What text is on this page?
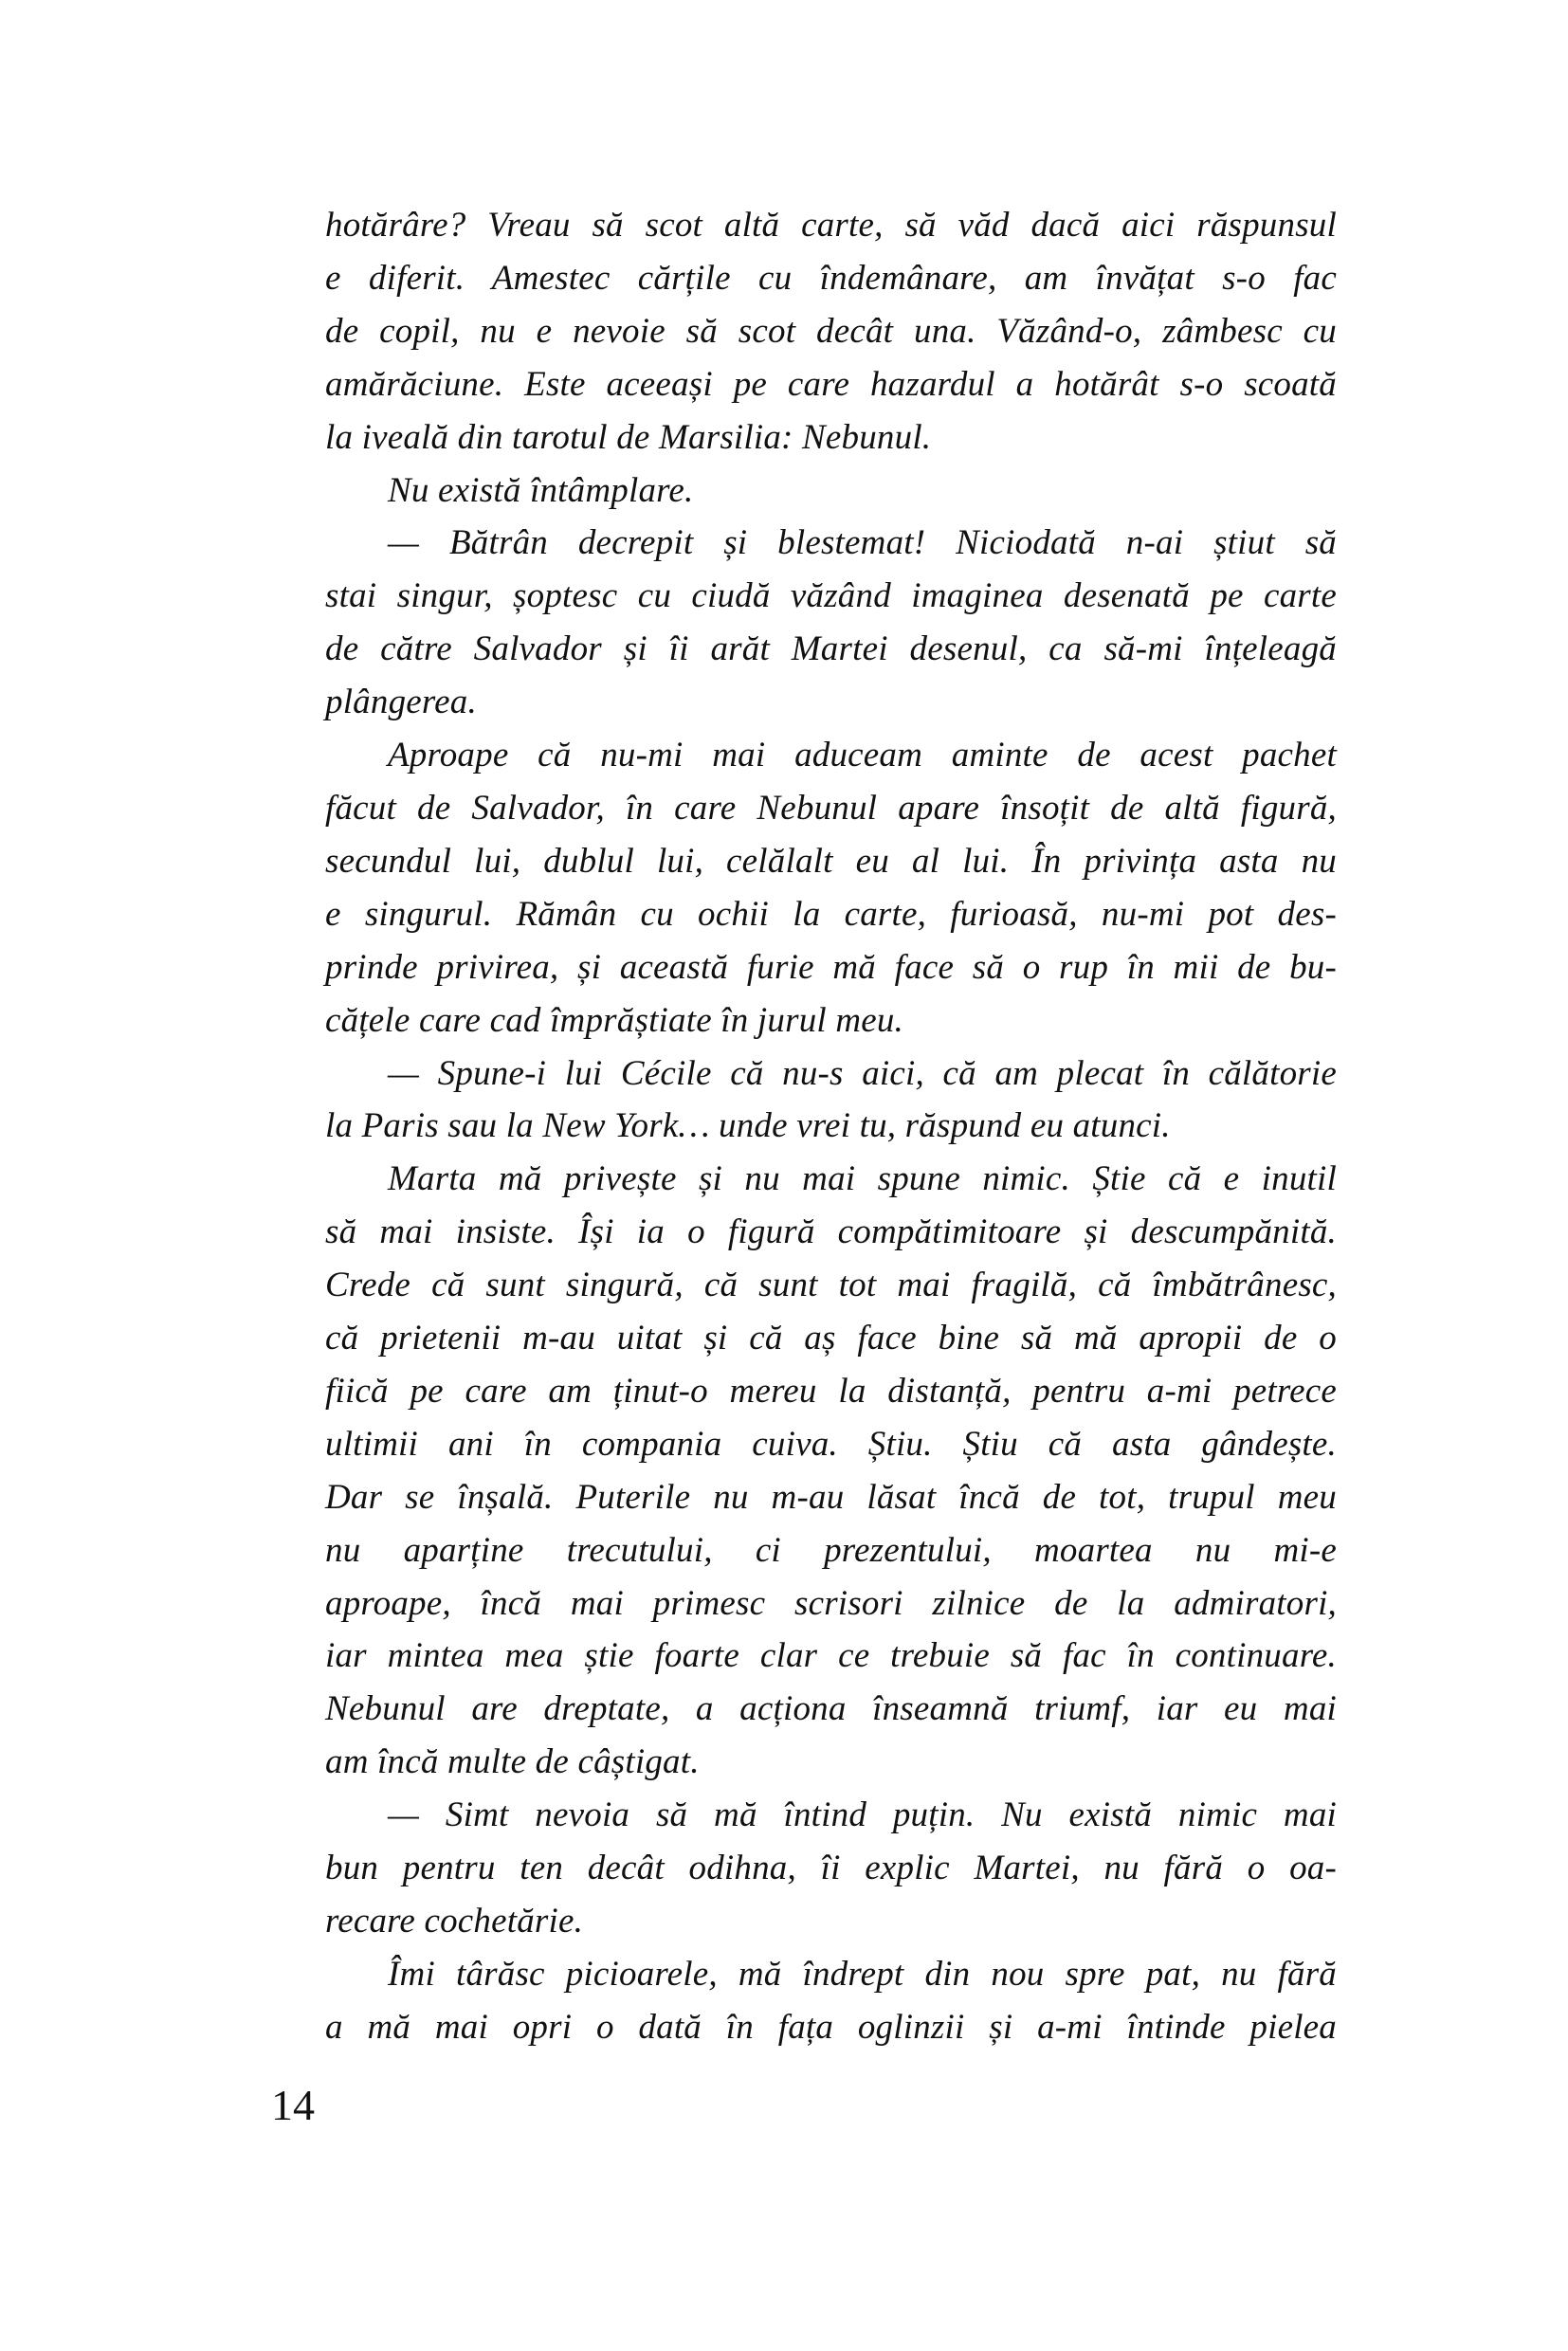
hotărâre? Vreau să scot altă carte, să văd dacă aici răspunsul
e diferit. Amestec cărțile cu îndemânare, am învățat s-o fac
de copil, nu e nevoie să scot decât una. Văzând-o, zâmbesc cu
amărăciune. Este aceeași pe care hazardul a hotărât s-o scoată
la iveală din tarotul de Marsilia: Nebunul.
Nu există întâmplare.
— Bătrân decrepit și blestemat! Niciodată n-ai știut să
stai singur, șoptesc cu ciudă văzând imaginea desenată pe carte
de către Salvador și îi arăt Martei desenul, ca să-mi înțeleagă
plângerea.
Aproape că nu-mi mai aduceam aminte de acest pachet
făcut de Salvador, în care Nebunul apare însoțit de altă figură,
secundul lui, dublul lui, celălalt eu al lui. În privința asta nu
e singurul. Rămân cu ochii la carte, furioasă, nu-mi pot des-
prinde privirea, și această furie mă face să o rup în mii de bu-
cățele care cad împrăștiate în jurul meu.
— Spune-i lui Cécile că nu-s aici, că am plecat în călătorie
la Paris sau la New York… unde vrei tu, răspund eu atunci.
Marta mă privește și nu mai spune nimic. Știe că e inutil
să mai insiste. Își ia o figură compătimitoare și descumpănită.
Crede că sunt singură, că sunt tot mai fragilă, că îmbătrânesc,
că prietenii m-au uitat și că aș face bine să mă apropii de o
fiică pe care am ținut-o mereu la distanță, pentru a-mi petrece
ultimii ani în compania cuiva. Știu. Știu că asta gândește.
Dar se înșală. Puterile nu m-au lăsat încă de tot, trupul meu
nu aparține trecutului, ci prezentului, moartea nu mi-e
aproape, încă mai primesc scrisori zilnice de la admiratori,
iar mintea mea știe foarte clar ce trebuie să fac în continuare.
Nebunul are dreptate, a acționa înseamnă triumf, iar eu mai
am încă multe de câștigat.
— Simt nevoia să mă întind puțin. Nu există nimic mai
bun pentru ten decât odihna, îi explic Martei, nu fără o oa-
recare cochetărie.
Îmi târăsc picioarele, mă îndrept din nou spre pat, nu fără
a mă mai opri o dată în fața oglinzii și a-mi întinde pielea
14
